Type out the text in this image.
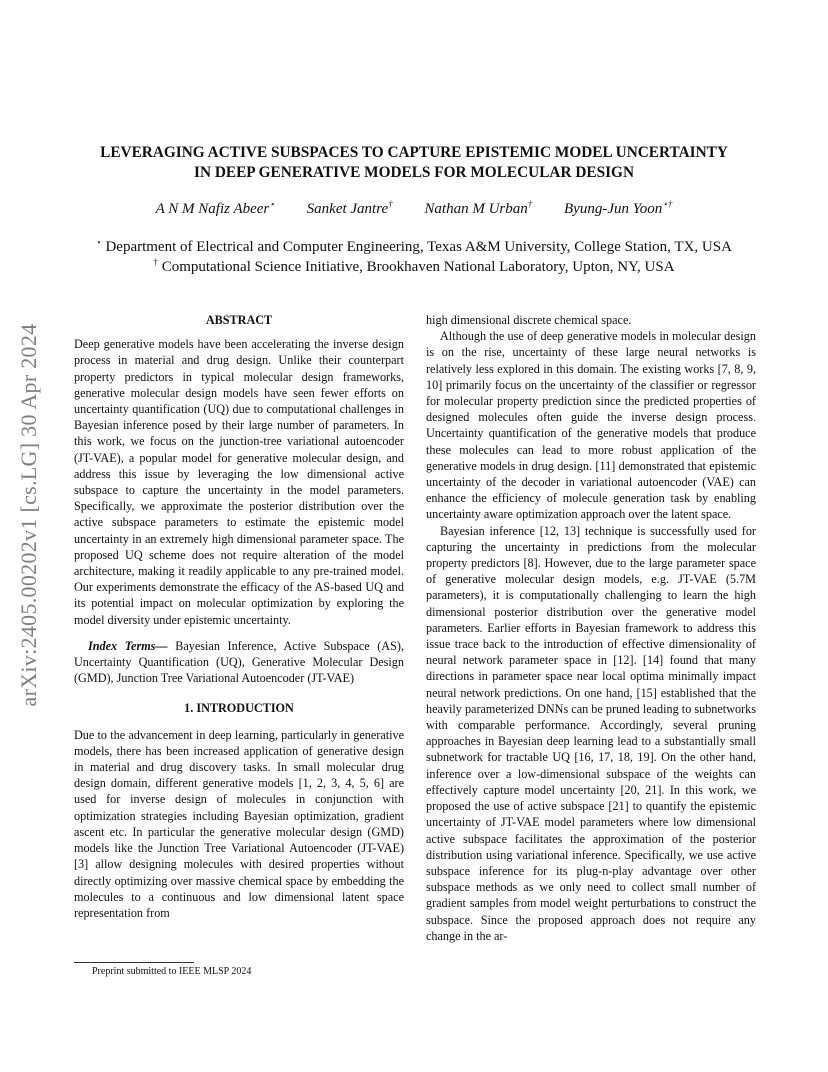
arXiv:2405.00202v1 [cs.LG] 30 Apr 2024
LEVERAGING ACTIVE SUBSPACES TO CAPTURE EPISTEMIC MODEL UNCERTAINTY
IN DEEP GENERATIVE MODELS FOR MOLECULAR DESIGN
A N M Nafiz Abeer⋆ Sanket Jantre† Nathan M Urban† Byung-Jun Yoon⋆†
⋆ Department of Electrical and Computer Engineering, Texas A&M University, College Station, TX, USA
† Computational Science Initiative, Brookhaven National Laboratory, Upton, NY, USA
ABSTRACT

Deep generative models have been accelerating the inverse design process in material and drug design. Unlike their counterpart property predictors in typical molecular design frameworks, generative molecular design models have seen fewer efforts on uncertainty quantification (UQ) due to computational challenges in Bayesian inference posed by their large number of parameters. In this work, we focus on the junction-tree variational autoencoder (JT-VAE), a popular model for generative molecular design, and address this issue by leveraging the low dimensional active subspace to capture the uncertainty in the model parameters. Specifically, we approximate the posterior distribution over the active subspace parameters to estimate the epistemic model uncertainty in an extremely high dimensional parameter space. The proposed UQ scheme does not require alteration of the model architecture, making it readily applicable to any pre-trained model. Our experiments demonstrate the efficacy of the AS-based UQ and its potential impact on molecular optimization by exploring the model diversity under epistemic uncertainty.

Index Terms— Bayesian Inference, Active Subspace (AS), Uncertainty Quantification (UQ), Generative Molecular Design (GMD), Junction Tree Variational Autoencoder (JT-VAE)

1. INTRODUCTION

Due to the advancement in deep learning, particularly in generative models, there has been increased application of generative design in material and drug discovery tasks. In small molecular drug design domain, different generative models [1, 2, 3, 4, 5, 6] are used for inverse design of molecules in conjunction with optimization strategies including Bayesian optimization, gradient ascent etc. In particular the generative molecular design (GMD) models like the Junction Tree Variational Autoencoder (JT-VAE) [3] allow designing molecules with desired properties without directly optimizing over massive chemical space by embedding the molecules to a continuous and low dimensional latent space representation from

high dimensional discrete chemical space.

Although the use of deep generative models in molecular design is on the rise, uncertainty of these large neural networks is relatively less explored in this domain. The existing works [7, 8, 9, 10] primarily focus on the uncertainty of the classifier or regressor for molecular property prediction since the predicted properties of designed molecules often guide the inverse design process. Uncertainty quantification of the generative models that produce these molecules can lead to more robust application of the generative models in drug design. [11] demonstrated that epistemic uncertainty of the decoder in variational autoencoder (VAE) can enhance the efficiency of molecule generation task by enabling uncertainty aware optimization approach over the latent space.

Bayesian inference [12, 13] technique is successfully used for capturing the uncertainty in predictions from the molecular property predictors [8]. However, due to the large parameter space of generative molecular design models, e.g. JT-VAE (5.7M parameters), it is computationally challenging to learn the high dimensional posterior distribution over the generative model parameters. Earlier efforts in Bayesian framework to address this issue trace back to the introduction of effective dimensionality of neural network parameter space in [12]. [14] found that many directions in parameter space near local optima minimally impact neural network predictions. On one hand, [15] established that the heavily parameterized DNNs can be pruned leading to subnetworks with comparable performance. Accordingly, several pruning approaches in Bayesian deep learning lead to a substantially small subnetwork for tractable UQ [16, 17, 18, 19]. On the other hand, inference over a low-dimensional subspace of the weights can effectively capture model uncertainty [20, 21]. In this work, we proposed the use of active subspace [21] to quantify the epistemic uncertainty of JT-VAE model parameters where low dimensional active subspace facilitates the approximation of the posterior distribution using variational inference. Specifically, we use active subspace inference for its plug-n-play advantage over other subspace methods as we only need to collect small number of gradient samples from model weight perturbations to construct the subspace. Since the proposed approach does not require any change in the ar-

Preprint submitted to IEEE MLSP 2024
